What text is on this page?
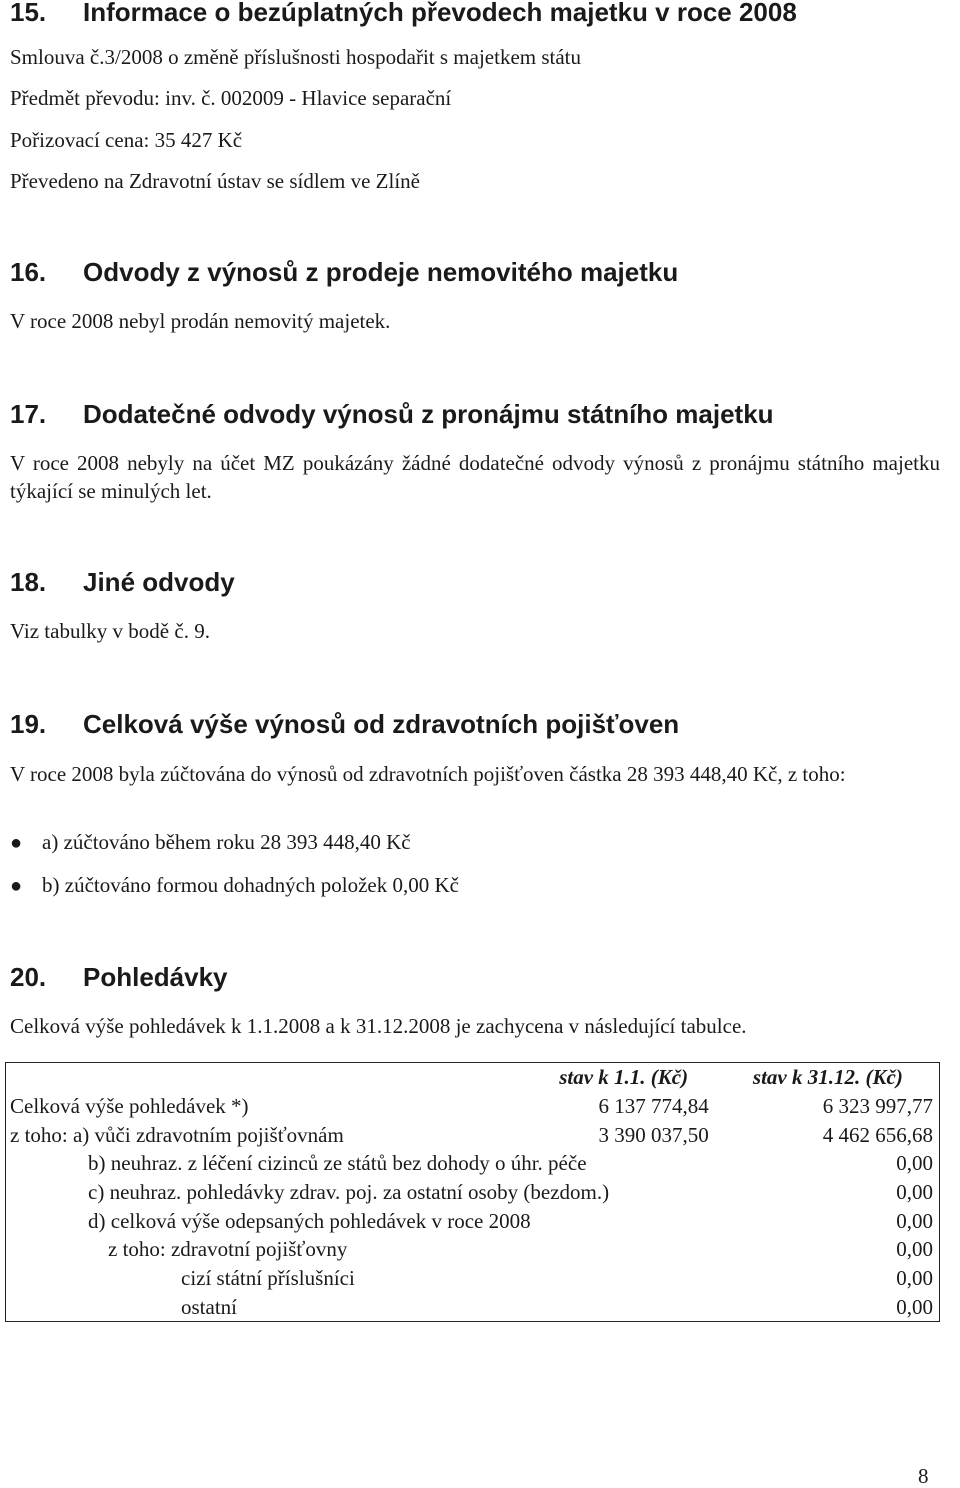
15. Informace o bezúplatných převodech majetku v roce 2008
Smlouva č.3/2008 o změně příslušnosti hospodařit s majetkem státu
Předmět převodu: inv. č. 002009 - Hlavice separační
Pořizovací cena: 35 427 Kč
Převedeno na Zdravotní ústav se sídlem ve Zlíně
16. Odvody z výnosů z prodeje nemovitého majetku
V roce 2008 nebyl prodán nemovitý majetek.
17. Dodatečné odvody výnosů z pronájmu státního majetku
V roce 2008 nebyly na účet MZ poukázány žádné dodatečné odvody výnosů z pronájmu státního majetku týkající se minulých let.
18. Jiné odvody
Viz tabulky v bodě č. 9.
19. Celková výše výnosů od zdravotních pojišťoven
V roce 2008 byla zúčtována do výnosů od zdravotních pojišťoven částka 28 393 448,40 Kč, z toho:
● a) zúčtováno během roku 28 393 448,40 Kč
● b) zúčtováno formou dohadných položek 0,00 Kč
20. Pohledávky
Celková výše pohledávek k 1.1.2008 a k 31.12.2008 je zachycena v následující tabulce.
	stav k 1.1. (Kč)	stav k 31.12. (Kč)
Celková výše pohledávek *)	6 137 774,84	6 323 997,77
z toho: a) vůči zdravotním pojišťovnám	3 390 037,50	4 462 656,68
b) neuhraz. z léčení cizinců ze států bez dohody o úhr. péče		0,00
c) neuhraz. pohledávky zdrav. poj. za ostatní osoby (bezdom.)		0,00
d) celková výše odepsaných pohledávek v roce 2008		0,00
z toho: zdravotní pojišťovny		0,00
cizí státní příslušníci		0,00
ostatní		0,00
8
